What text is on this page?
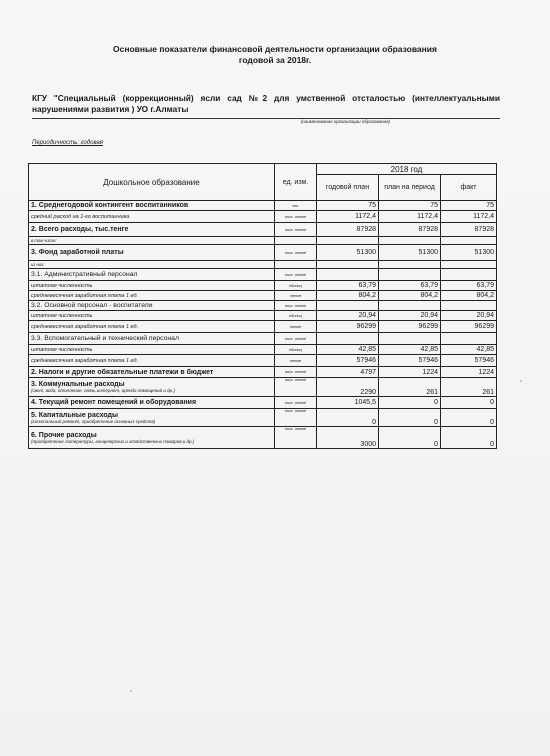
Основные показатели финансовой деятельности организации образования
годовой за 2018г.
КГУ "Специальный (коррекционный) ясли сад №2 для умственной отсталостью (интеллектуальными нарушениями развития ) УО г.Алматы
(наименование организации образования)
Периодичность: годовая
Дошкольное образование	ед. изм.	2018 год		
		годовой план	план на период	факт

1. Среднегодовой контингент воспитанников	чел.	75	75	75

средний расход на 1-го воспитанника	тыс. тенге	1172,4	1172,4	1172,4

2. Всего расходы, тыс.тенге	тыс. тенге	87928	87928	87928

в том числе:				

3. Фонд заработной платы	тыс. тенге	51300	51300	51300

из них:				

3.1. Административный персонал	тыс. тенге			

штатная численность	единиц	63,79	63,79	63,79

среднемесячная заработная плата 1 ед.	тенге	804,2	804,2	804,2

3.2. Основной персонал - воспитатели	тыс. тенге			

штатная численность	единиц	20,94	20,94	20,94

среднемесячная заработная плата 1 ед.	тенге	96299	96299	96299

3.3. Вспомогательный и технический персонал	тыс. тенге			

штатная численность	единиц	42,85	42,85	42,85

среднемесячная заработная плата 1 ед.	тенге	57946	57946	57946

2. Налоги и другие обязательные платежи в бюджет	тыс. тенге	4797	1224	1224

3. Коммунальные расходы
(свет, вода, отопление, связь,интернет, аренда помещений и др.)	тыс. тенге	2290	261	261

4. Текущий ремонт помещений и оборудования	тыс. тенге	1045,5	0	0

5. Капитальные расходы
(капитальный ремонт, приобретение основных средств)	тыс. тенге	0	0	0

6. Прочие расходы
(приобретение литературы, канцелярских и хозяйственных товаров и др.)	тыс. тенге	3000	0	0
